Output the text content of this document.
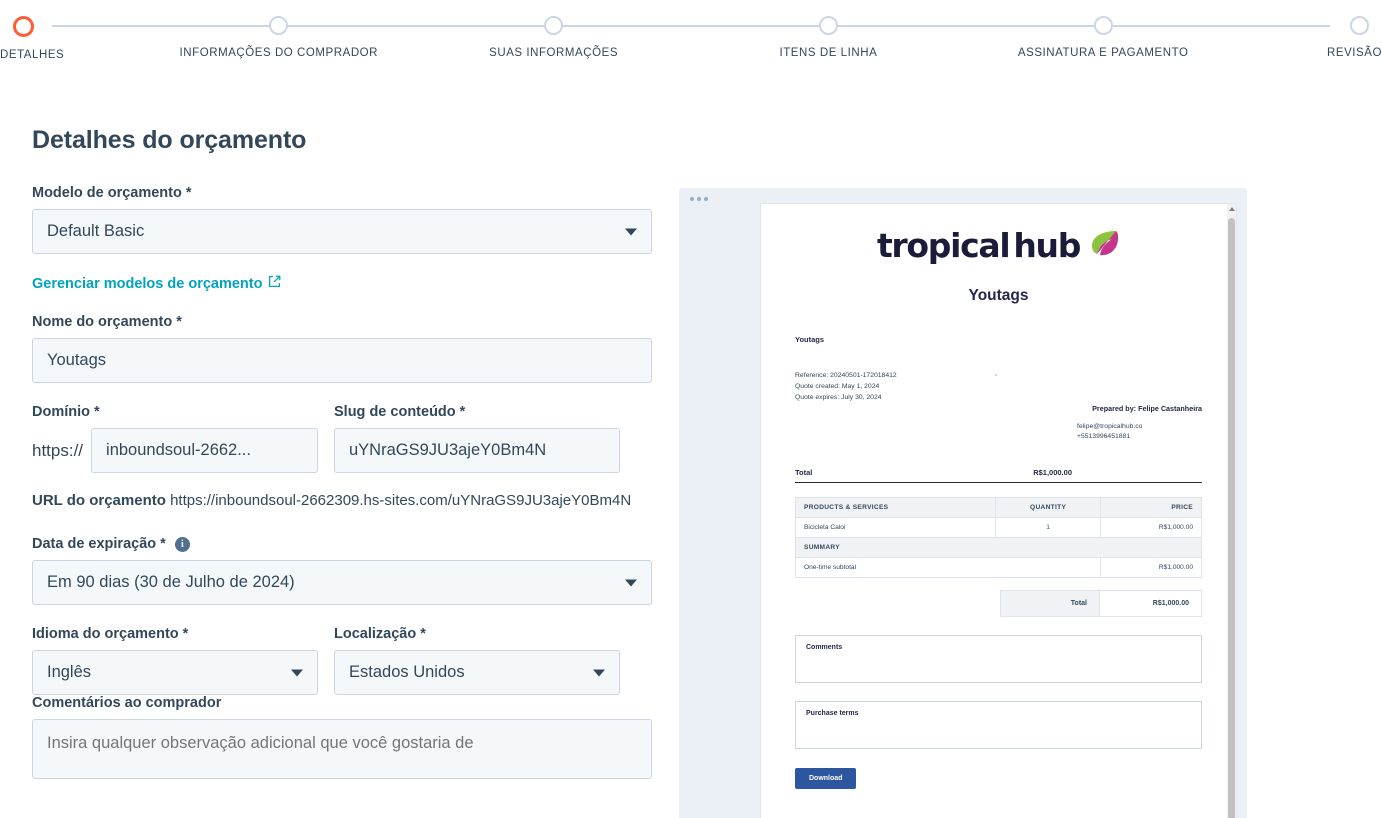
DETALHES	INFORMAÇÕES DO COMPRADOR	SUAS INFORMAÇÕES	ITENS DE LINHA	ASSINATURA E PAGAMENTO	REVISÃO
Detalhes do orçamento
Modelo de orçamento *
Default Basic
Gerenciar modelos de orçamento
Nome do orçamento *
Youtags
Domínio *
https:// inboundsoul-2662...
Slug de conteúdo *
uYNraGS9JU3ajeY0Bm4N
URL do orçamento https://inboundsoul-2662309.hs-sites.com/uYNraGS9JU3ajeY0Bm4N
Data de expiração * i
Em 90 dias (30 de Julho de 2024)
Idioma do orçamento *
Inglês
Localização *
Estados Unidos
Comentários ao comprador
Insira qualquer observação adicional que você gostaria de
tropical hub
Youtags
Youtags
Reference: 20240501-172018412
Quote created: May 1, 2024
Quote expires: July 30, 2024
,
Prepared by: Felipe Castanheira
felipe@tropicalhub.co
+5513996451881
Total	R$1,000.00
PRODUCTS & SERVICES	QUANTITY	PRICE
Bicicleta Caloi	1	R$1,000.00
SUMMARY		
One-time subtotal		R$1,000.00
Total	R$1,000.00
Comments
Purchase terms
Download
